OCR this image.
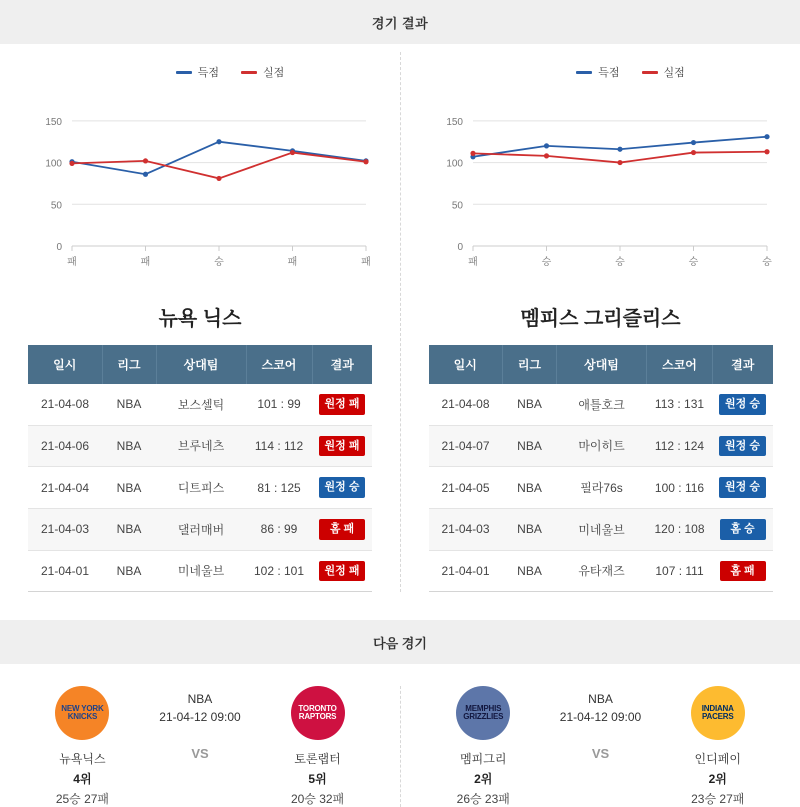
경기 결과
득점	실점
0
50
100
150
패	패	승	패	패
뉴욕 닉스
일시	리그	상대팀	스코어	결과
21-04-08	NBA	보스셀틱	101 : 99	원정 패
21-04-06	NBA	브루네츠	114 : 112	원정 패
21-04-04	NBA	디트피스	81 : 125	원정 승
21-04-03	NBA	댈러매버	86 : 99	홈 패
21-04-01	NBA	미네울브	102 : 101	원정 패
득점	실점
0
50
100
150
패	승	승	승	승
멤피스 그리즐리스
일시	리그	상대팀	스코어	결과
21-04-08	NBA	애틀호크	113 : 131	원정 승
21-04-07	NBA	마이히트	112 : 124	원정 승
21-04-05	NBA	필라76s	100 : 116	원정 승
21-04-03	NBA	미네울브	120 : 108	홈 승
21-04-01	NBA	유타재즈	107 : 111	홈 패
다음 경기
NEW YORK KNICKS
뉴욕닉스
4위
25승 27패
NBA
21-04-12 09:00
VS
TORONTO RAPTORS
토론랩터
5위
20승 32패
MEMPHIS GRIZZLIES
멤피그리
2위
26승 23패
NBA
21-04-12 09:00
VS
INDIANA PACERS
인디페이
2위
23승 27패
